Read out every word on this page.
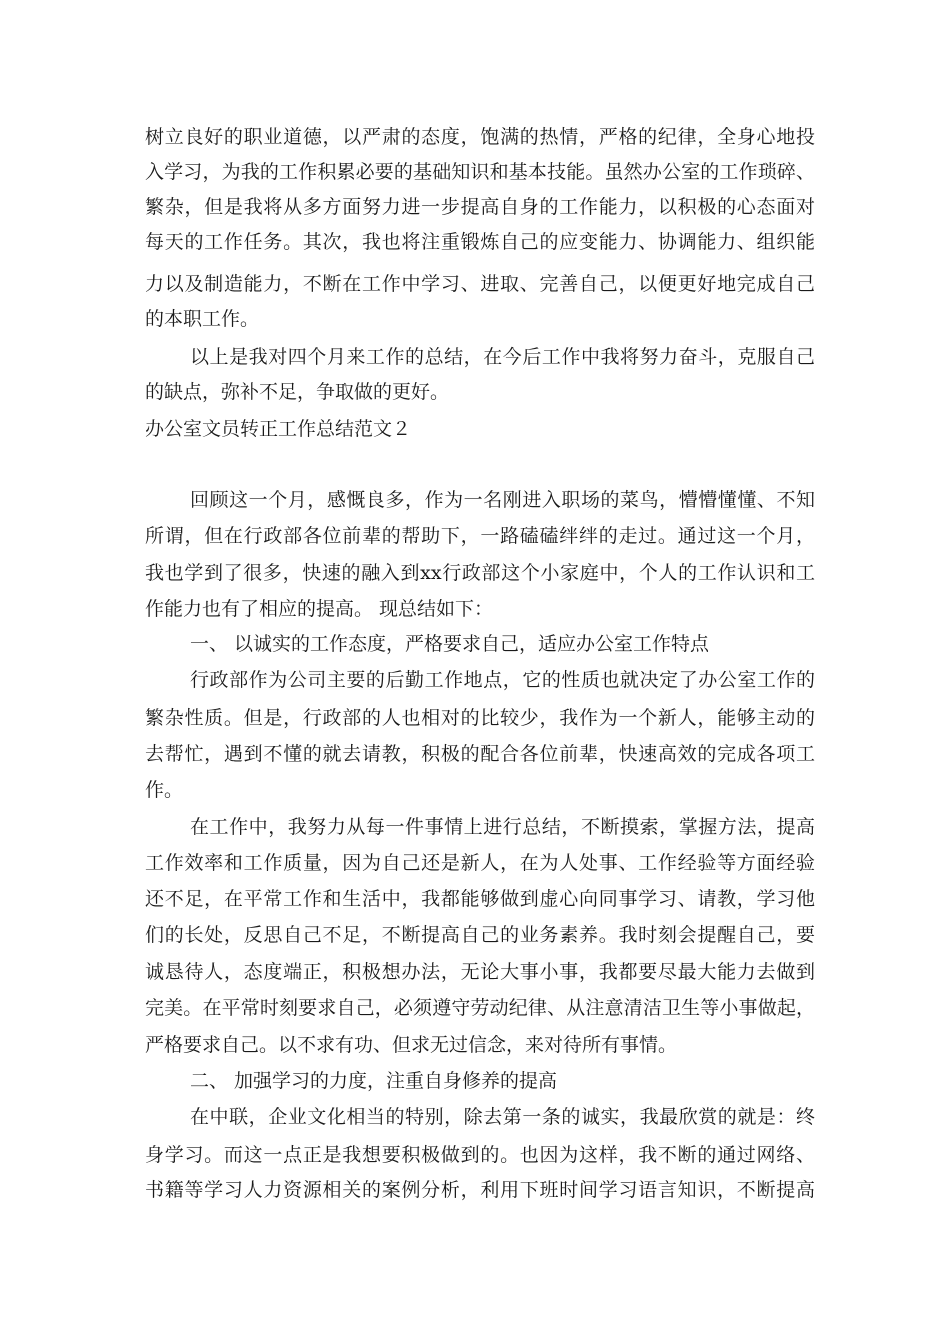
树立良好的职业道德，以严肃的态度，饱满的热情，严格的纪律，全身心地投
入学习，为我的工作积累必要的基础知识和基本技能。虽然办公室的工作琐碎、
繁杂，但是我将从多方面努力进一步提高自身的工作能力，以积极的心态面对
每天的工作任务。其次，我也将注重锻炼自己的应变能力、协调能力、组织能
力以及制造能力，不断在工作中学习、进取、完善自己，以便更好地完成自己
的本职工作。
以上是我对四个月来工作的总结，在今后工作中我将努力奋斗，克服自己
的缺点，弥补不足，争取做的更好。
办公室文员转正工作总结范文２
回顾这一个月，感慨良多，作为一名刚进入职场的菜鸟，懵懵懂懂、不知
所谓，但在行政部各位前辈的帮助下，一路磕磕绊绊的走过。通过这一个月，
我也学到了很多，快速的融入到xx行政部这个小家庭中，个人的工作认识和工
作能力也有了相应的提高。 现总结如下：
一、 以诚实的工作态度，严格要求自己，适应办公室工作特点
行政部作为公司主要的后勤工作地点，它的性质也就决定了办公室工作的
繁杂性质。但是，行政部的人也相对的比较少，我作为一个新人，能够主动的
去帮忙，遇到不懂的就去请教，积极的配合各位前辈，快速高效的完成各项工
作。
在工作中，我努力从每一件事情上进行总结，不断摸索，掌握方法，提高
工作效率和工作质量，因为自己还是新人，在为人处事、工作经验等方面经验
还不足，在平常工作和生活中，我都能够做到虚心向同事学习、请教，学习他
们的长处，反思自己不足，不断提高自己的业务素养。我时刻会提醒自己，要
诚恳待人，态度端正，积极想办法，无论大事小事，我都要尽最大能力去做到
完美。在平常时刻要求自己，必须遵守劳动纪律、从注意清洁卫生等小事做起，
严格要求自己。以不求有功、但求无过信念，来对待所有事情。
二、 加强学习的力度，注重自身修养的提高
在中联，企业文化相当的特别，除去第一条的诚实，我最欣赏的就是：终
身学习。而这一点正是我想要积极做到的。也因为这样，我不断的通过网络、
书籍等学习人力资源相关的案例分析，利用下班时间学习语言知识，不断提高
